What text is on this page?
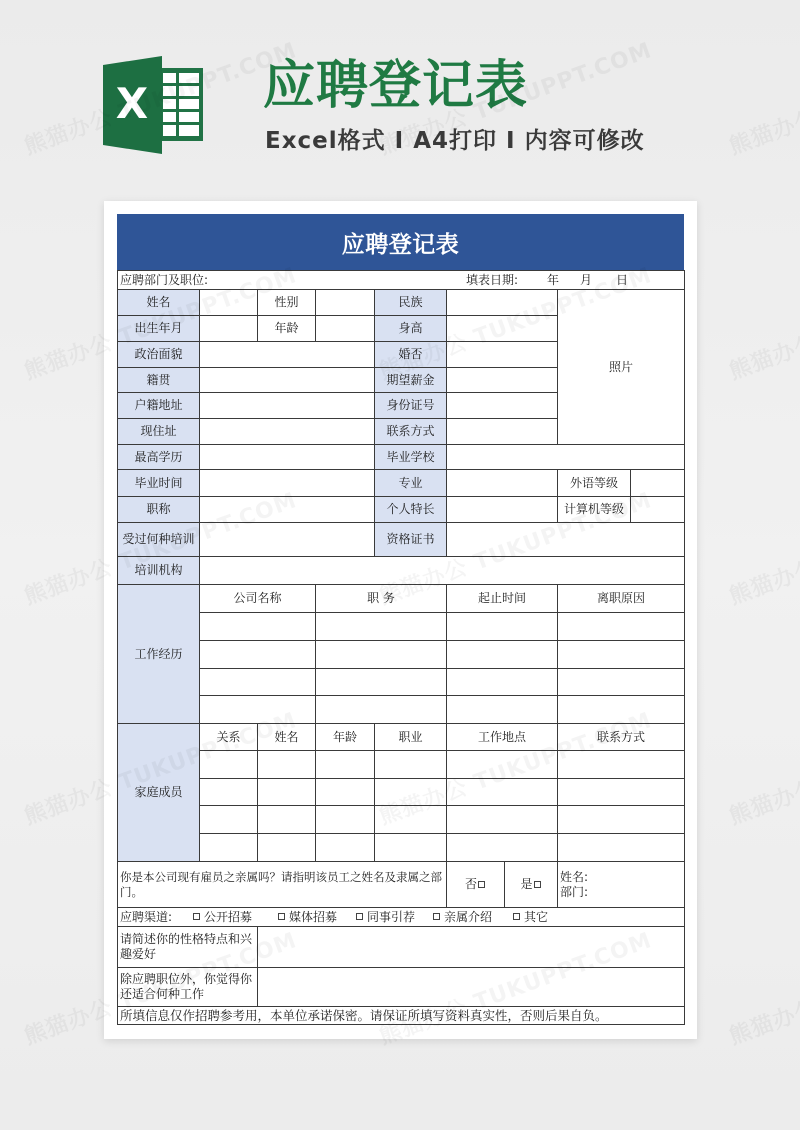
X 应聘登记表
Excel格式 I A4打印 I 内容可修改
应聘登记表
应聘部门及职位: 填表日期: 年 月 日								

姓名		性别		民族			照片	
出生年月		年龄		身高				
政治面貌				婚否				
籍贯				期望薪金				
户籍地址				身份证号				
现住址				联系方式				
最高学历				毕业学校				
毕业时间				专业			外语等级	
职称				个人特长			计算机等级	
受过何种培训				资格证书				
培训机构								
工作经历	公司名称		职 务		起止时间		离职原因	

家庭成员	关系	姓名	年龄	职业	工作地点		联系方式	

你是本公司现有雇员之亲属吗？请指明该员工之姓名及隶属之部门。					否	是	姓名:
部门:	

应聘渠道:	公开招募	媒体招募	同事引荐	亲属介绍	其它

请简述你的性格特点和兴趣爱好								
除应聘职位外，你觉得你还适合何种工作								
所填信息仅作招聘参考用，本单位承诺保密。请保证所填写资料真实性，否则后果自负。								
